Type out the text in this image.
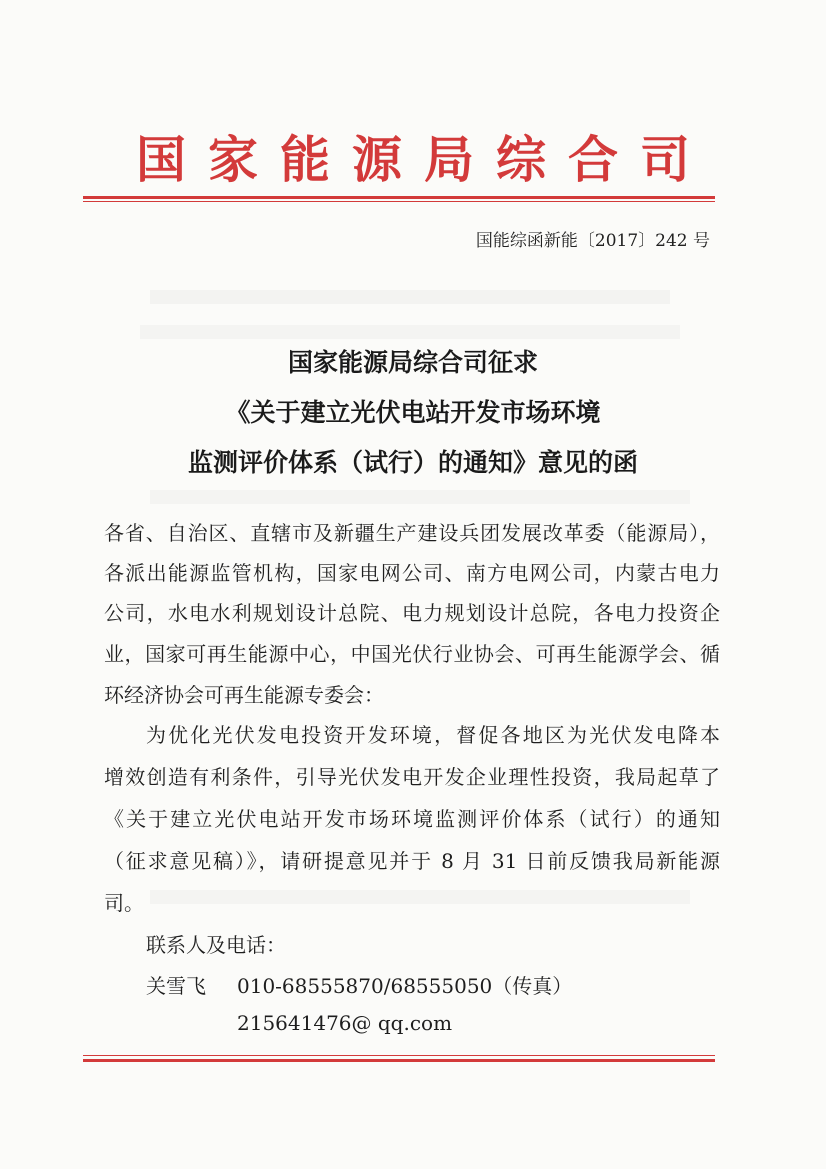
国家能源局综合司
国能综函新能〔2017〕242 号
国家能源局综合司征求
《关于建立光伏电站开发市场环境
监测评价体系（试行）的通知》意见的函
各省、自治区、直辖市及新疆生产建设兵团发展改革委（能源局），
各派出能源监管机构，国家电网公司、南方电网公司，内蒙古电力
公司，水电水利规划设计总院、电力规划设计总院，各电力投资企
业，国家可再生能源中心，中国光伏行业协会、可再生能源学会、循
环经济协会可再生能源专委会：
为优化光伏发电投资开发环境，督促各地区为光伏发电降本
增效创造有利条件，引导光伏发电开发企业理性投资，我局起草了
《关于建立光伏电站开发市场环境监测评价体系（试行）的通知
（征求意见稿）》，请研提意见并于 8 月 31 日前反馈我局新能源
司。
联系人及电话：
关雪飞 010-68555870/68555050（传真）
215641476@ qq.com
